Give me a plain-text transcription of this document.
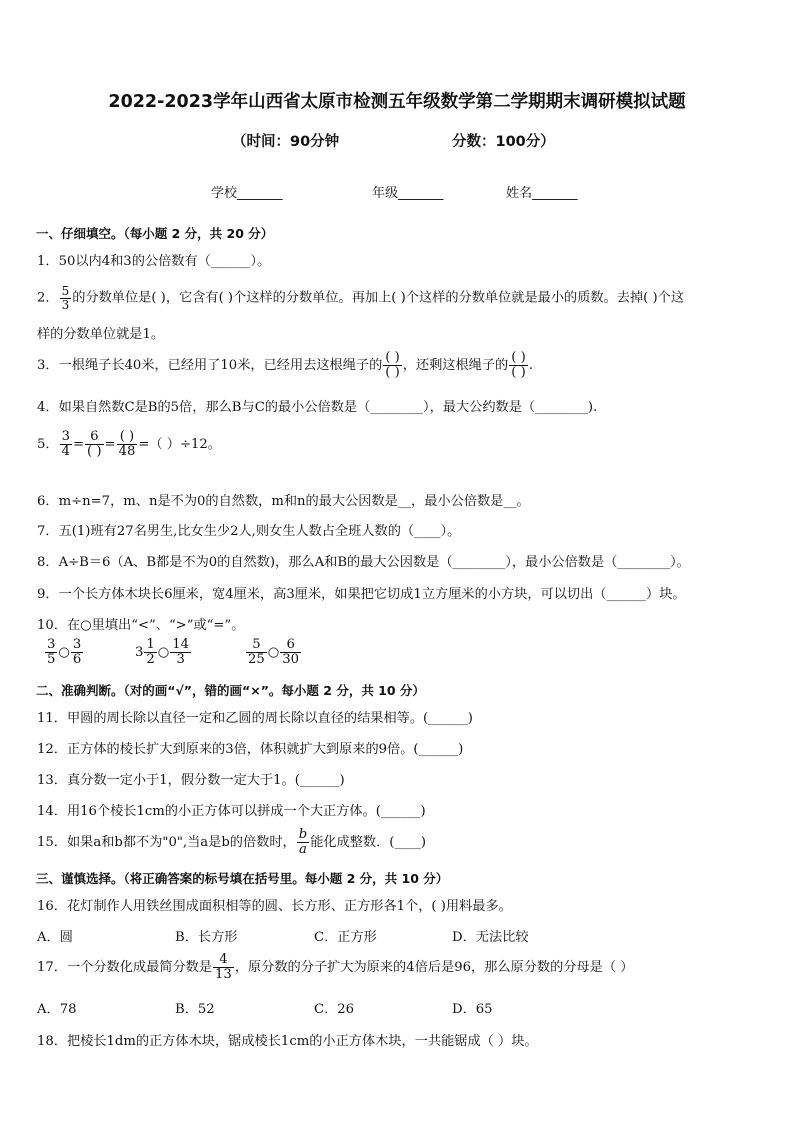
2022-2023学年山西省太原市检测五年级数学第二学期期末调研模拟试题
（时间：90分钟	分数：100分）
学校_______	年级_______	姓名_______
一、仔细填空。（每小题 2 分，共 20 分）
1．50以内4和3的公倍数有（______）。
2． $\frac{5}{3}$ 的分数单位是( )，它含有( )个这样的分数单位。再加上( )个这样的分数单位就是最小的质数。去掉( )个这
样的分数单位就是1。
3．一根绳子长40米，已经用了10米，已经用去这根绳子的 $\frac{( )}{( )}$ ，还剩这根绳子的 $\frac{( )}{( )}$ .
4．如果自然数C是B的5倍，那么B与C的最小公倍数是（________），最大公约数是（________).
5． $\frac{3}{4} = \frac{6}{( )} = \frac{( )}{48}$ =（ ）÷12。
6．m÷n=7，m、n是不为0的自然数，m和n的最大公因数是__，最小公倍数是__。
7．五(1)班有27名男生,比女生少2人,则女生人数占全班人数的（____）。
8．A÷B＝6（A、B都是不为0的自然数)，那么A和B的最大公因数是（________），最小公倍数是（________）。
9．一个长方体木块长6厘米，宽4厘米，高3厘米，如果把它切成1立方厘米的小方块，可以切出（______）块。
10．在○里填出“<”、“>”或“=”。
$\frac{3}{5}$ ○ $\frac{3}{6}$	$3 \frac{1}{2}$ ○ $\frac{14}{3}$	$\frac{5}{25}$ ○ $\frac{6}{30}$
二、准确判断。（对的画“√”，错的画“×”。每小题 2 分，共 10 分）
11．甲圆的周长除以直径一定和乙圆的周长除以直径的结果相等。(______)
12．正方体的棱长扩大到原来的3倍，体积就扩大到原来的9倍。(______)
13．真分数一定小于1，假分数一定大于1。(______)
14．用16个棱长1cm的小正方体可以拼成一个大正方体。(______)
15．如果a和b都不为"0",当a是b的倍数时， $\frac{b}{a}$ 能化成整数．(____)
三、谨慎选择。（将正确答案的标号填在括号里。每小题 2 分，共 10 分）
16．花灯制作人用铁丝围成面积相等的圆、长方形、正方形各1个，( )用料最多。
A．圆	B．长方形	C．正方形	D．无法比较
17．一个分数化成最简分数是 $\frac{4}{13}$ ，原分数的分子扩大为原来的4倍后是96，那么原分数的分母是（ ）
A．78	B．52	C．26	D．65
18．把棱长1dm的正方体木块，锯成棱长1cm的小正方体木块，一共能锯成（ ）块。
